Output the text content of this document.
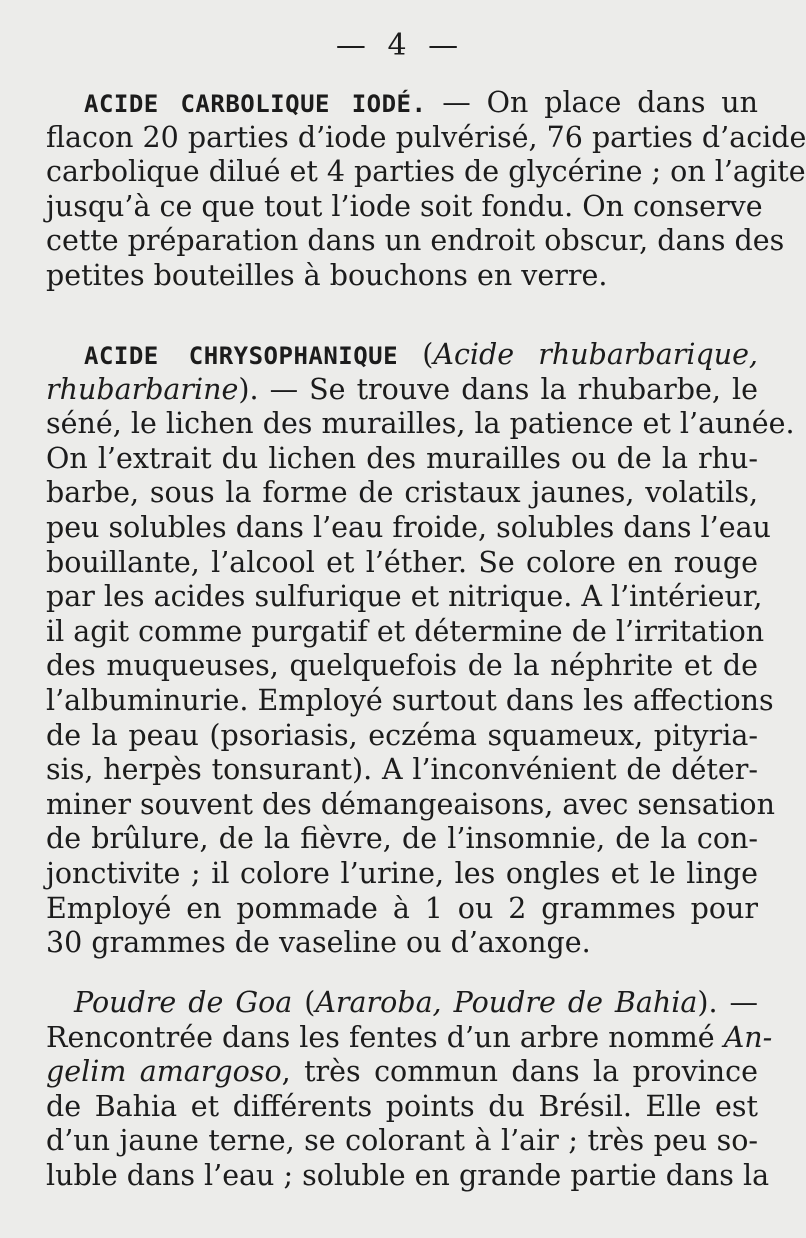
— 4 —
ACIDE CARBOLIQUE IODÉ. — On place dans un
flacon 20 parties d’iode pulvérisé, 76 parties d’acide
carbolique dilué et 4 parties de glycérine ; on l’agite
jusqu’à ce que tout l’iode soit fondu. On conserve
cette préparation dans un endroit obscur, dans des
petites bouteilles à bouchons en verre.
ACIDE CHRYSOPHANIQUE (Acide rhubarbarique,
rhubarbarine). — Se trouve dans la rhubarbe, le
séné, le lichen des murailles, la patience et l’aunée.
On l’extrait du lichen des murailles ou de la rhu-
barbe, sous la forme de cristaux jaunes, volatils,
peu solubles dans l’eau froide, solubles dans l’eau
bouillante, l’alcool et l’éther. Se colore en rouge
par les acides sulfurique et nitrique. A l’intérieur,
il agit comme purgatif et détermine de l’irritation
des muqueuses, quelquefois de la néphrite et de
l’albuminurie. Employé surtout dans les affections
de la peau (psoriasis, eczéma squameux, pityria-
sis, herpès tonsurant). A l’inconvénient de déter-
miner souvent des démangeaisons, avec sensation
de brûlure, de la fièvre, de l’insomnie, de la con-
jonctivite ; il colore l’urine, les ongles et le linge
Employé en pommade à 1 ou 2 grammes pour
30 grammes de vaseline ou d’axonge.
Poudre de Goa (Araroba, Poudre de Bahia). —
Rencontrée dans les fentes d’un arbre nommé An-
gelim amargoso, très commun dans la province
de Bahia et différents points du Brésil. Elle est
d’un jaune terne, se colorant à l’air ; très peu so-
luble dans l’eau ; soluble en grande partie dans la
